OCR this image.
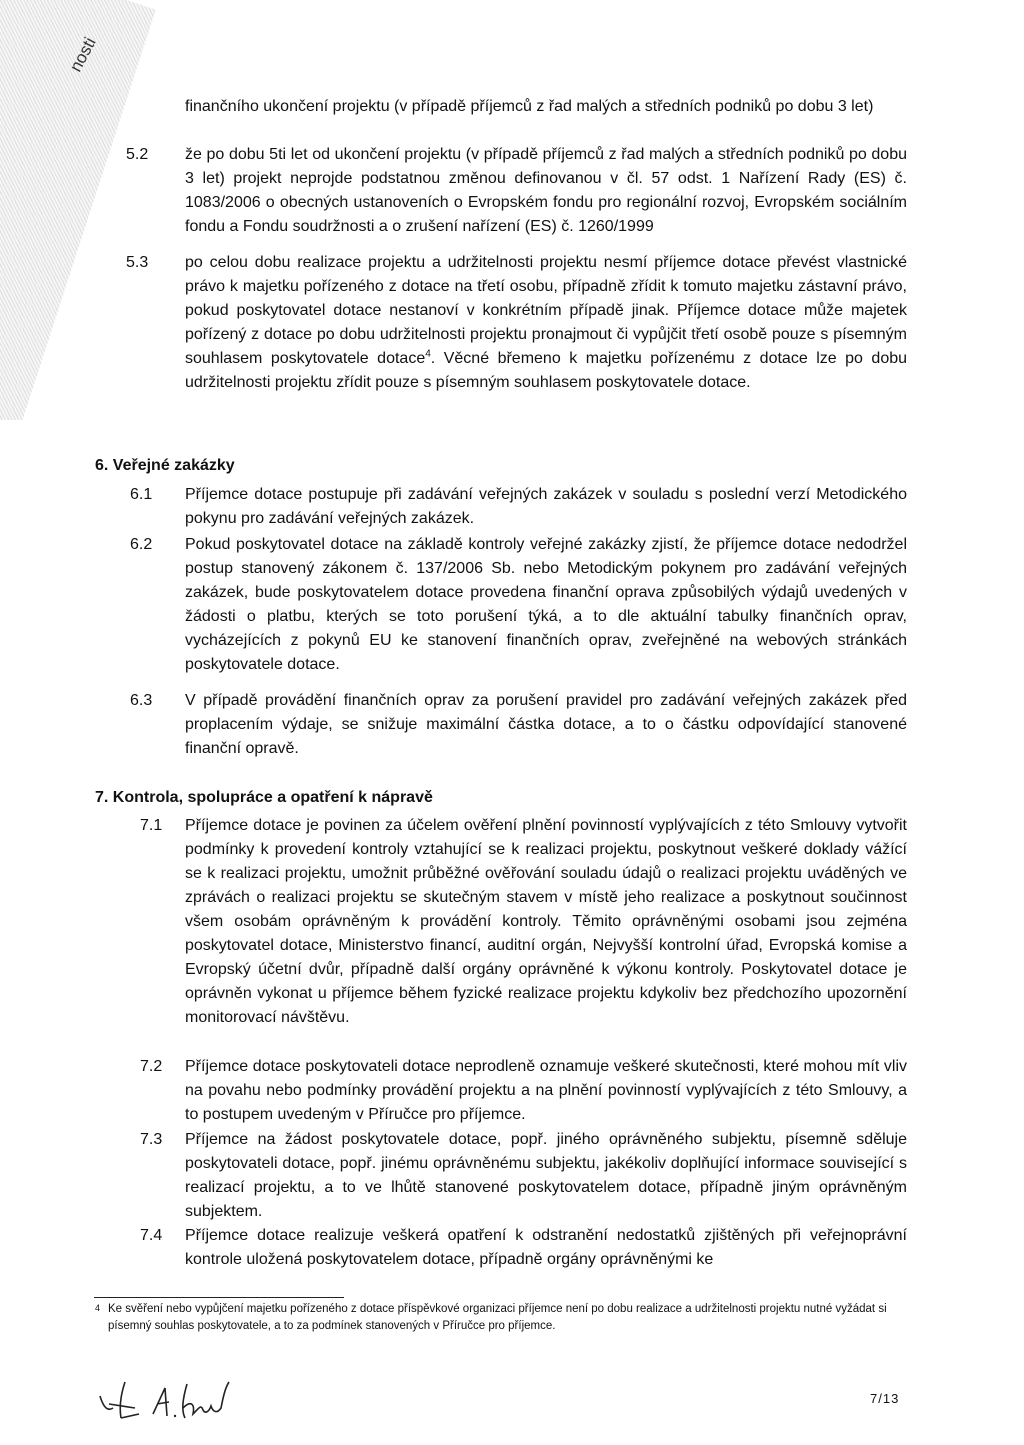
nosti
finančního ukončení projektu (v případě příjemců z řad malých a středních podniků po dobu 3 let)
5.2 že po dobu 5ti let od ukončení projektu (v případě příjemců z řad malých a středních podniků po dobu 3 let) projekt neprojde podstatnou změnou definovanou v čl. 57 odst. 1 Nařízení Rady (ES) č. 1083/2006 o obecných ustanoveních o Evropském fondu pro regionální rozvoj, Evropském sociálním fondu a Fondu soudržnosti a o zrušení nařízení (ES) č. 1260/1999
5.3 po celou dobu realizace projektu a udržitelnosti projektu nesmí příjemce dotace převést vlastnické právo k majetku pořízeného z dotace na třetí osobu, případně zřídit k tomuto majetku zástavní právo, pokud poskytovatel dotace nestanoví v konkrétním případě jinak. Příjemce dotace může majetek pořízený z dotace po dobu udržitelnosti projektu pronajmout či vypůjčit třetí osobě pouze s písemným souhlasem poskytovatele dotace$^4$. Věcné břemeno k majetku pořízenému z dotace lze po dobu udržitelnosti projektu zřídit pouze s písemným souhlasem poskytovatele dotace.
6. Veřejné zakázky
6.1 Příjemce dotace postupuje při zadávání veřejných zakázek v souladu s poslední verzí Metodického pokynu pro zadávání veřejných zakázek.
6.2 Pokud poskytovatel dotace na základě kontroly veřejné zakázky zjistí, že příjemce dotace nedodržel postup stanovený zákonem č. 137/2006 Sb. nebo Metodickým pokynem pro zadávání veřejných zakázek, bude poskytovatelem dotace provedena finanční oprava způsobilých výdajů uvedených v žádosti o platbu, kterých se toto porušení týká, a to dle aktuální tabulky finančních oprav, vycházejících z pokynů EU ke stanovení finančních oprav, zveřejněné na webových stránkách poskytovatele dotace.
6.3 V případě provádění finančních oprav za porušení pravidel pro zadávání veřejných zakázek před proplacením výdaje, se snižuje maximální částka dotace, a to o částku odpovídající stanovené finanční opravě.
7. Kontrola, spolupráce a opatření k nápravě
7.1 Příjemce dotace je povinen za účelem ověření plnění povinností vyplývajících z této Smlouvy vytvořit podmínky k provedení kontroly vztahující se k realizaci projektu, poskytnout veškeré doklady vážící se k realizaci projektu, umožnit průběžné ověřování souladu údajů o realizaci projektu uváděných ve zprávách o realizaci projektu se skutečným stavem v místě jeho realizace a poskytnout součinnost všem osobám oprávněným k provádění kontroly. Těmito oprávněnými osobami jsou zejména poskytovatel dotace, Ministerstvo financí, auditní orgán, Nejvyšší kontrolní úřad, Evropská komise a Evropský účetní dvůr, případně další orgány oprávněné k výkonu kontroly. Poskytovatel dotace je oprávněn vykonat u příjemce během fyzické realizace projektu kdykoliv bez předchozího upozornění monitorovací návštěvu.
7.2 Příjemce dotace poskytovateli dotace neprodleně oznamuje veškeré skutečnosti, které mohou mít vliv na povahu nebo podmínky provádění projektu a na plnění povinností vyplývajících z této Smlouvy, a to postupem uvedeným v Příručce pro příjemce.
7.3 Příjemce na žádost poskytovatele dotace, popř. jiného oprávněného subjektu, písemně sděluje poskytovateli dotace, popř. jinému oprávněnému subjektu, jakékoliv doplňující informace související s realizací projektu, a to ve lhůtě stanovené poskytovatelem dotace, případně jiným oprávněným subjektem.
7.4 Příjemce dotace realizuje veškerá opatření k odstranění nedostatků zjištěných při veřejnoprávní kontrole uložená poskytovatelem dotace, případně orgány oprávněnými ke
4 Ke svěření nebo vypůjčení majetku pořízeného z dotace příspěvkové organizaci příjemce není po dobu realizace a udržitelnosti projektu nutné vyžádat si písemný souhlas poskytovatele, a to za podmínek stanovených v Příručce pro příjemce.
7/13
